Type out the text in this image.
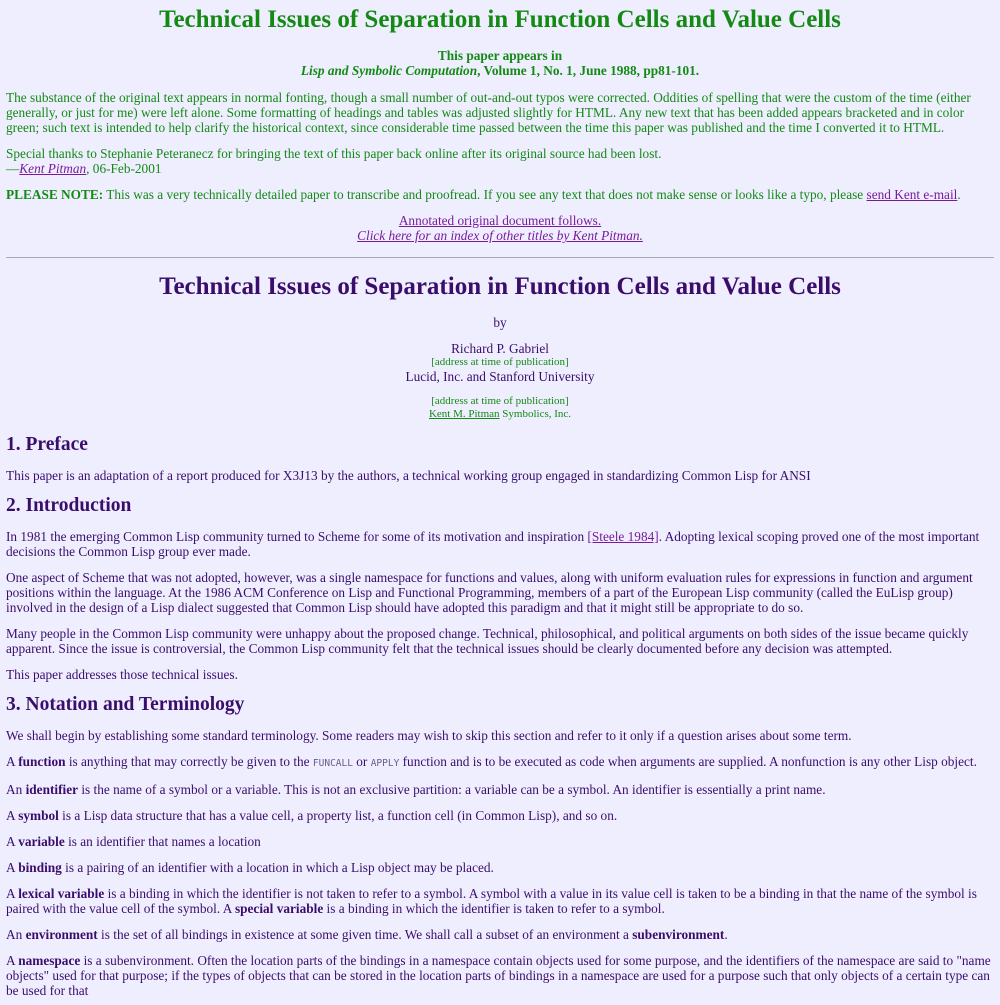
Technical Issues of Separation in Function Cells and Value Cells
This paper appears in
Lisp and Symbolic Computation, Volume 1, No. 1, June 1988, pp81-101.

The substance of the original text appears in normal fonting, though a small number of out-and-out typos were corrected. Oddities of spelling that were the custom of the time (either generally, or just for me) were left alone. Some formatting of headings and tables was adjusted slightly for HTML. Any new text that has been added appears bracketed and in color green; such text is intended to help clarify the historical context, since considerable time passed between the time this paper was published and the time I converted it to HTML.

Special thanks to Stephanie Peteranecz for bringing the text of this paper back online after its original source had been lost.
—Kent Pitman, 06-Feb-2001

PLEASE NOTE: This was a very technically detailed paper to transcribe and proofread. If you see any text that does not make sense or looks like a typo, please send Kent e-mail.

Annotated original document follows.
Click here for an index of other titles by Kent Pitman.
Technical Issues of Separation in Function Cells and Value Cells
by
Richard P. Gabriel
[address at time of publication]
Lucid, Inc. and Stanford University
[address at time of publication]
Kent M. Pitman Symbolics, Inc.
1. Preface

This paper is an adaptation of a report produced for X3J13 by the authors, a technical working group engaged in standardizing Common Lisp for ANSI

2. Introduction

In 1981 the emerging Common Lisp community turned to Scheme for some of its motivation and inspiration [Steele 1984]. Adopting lexical scoping proved one of the most important decisions the Common Lisp group ever made.

One aspect of Scheme that was not adopted, however, was a single namespace for functions and values, along with uniform evaluation rules for expressions in function and argument positions within the language. At the 1986 ACM Conference on Lisp and Functional Programming, members of a part of the European Lisp community (called the EuLisp group) involved in the design of a Lisp dialect suggested that Common Lisp should have adopted this paradigm and that it might still be appropriate to do so.

Many people in the Common Lisp community were unhappy about the proposed change. Technical, philosophical, and political arguments on both sides of the issue became quickly apparent. Since the issue is controversial, the Common Lisp community felt that the technical issues should be clearly documented before any decision was attempted.

This paper addresses those technical issues.

3. Notation and Terminology

We shall begin by establishing some standard terminology. Some readers may wish to skip this section and refer to it only if a question arises about some term.

A function is anything that may correctly be given to the FUNCALL or APPLY function and is to be executed as code when arguments are supplied. A nonfunction is any other Lisp object.

An identifier is the name of a symbol or a variable. This is not an exclusive partition: a variable can be a symbol. An identifier is essentially a print name.

A symbol is a Lisp data structure that has a value cell, a property list, a function cell (in Common Lisp), and so on.

A variable is an identifier that names a location

A binding is a pairing of an identifier with a location in which a Lisp object may be placed.

A lexical variable is a binding in which the identifier is not taken to refer to a symbol. A symbol with a value in its value cell is taken to be a binding in that the name of the symbol is paired with the value cell of the symbol. A special variable is a binding in which the identifier is taken to refer to a symbol.

An environment is the set of all bindings in existence at some given time. We shall call a subset of an environment a subenvironment.

A namespace is a subenvironment. Often the location parts of the bindings in a namespace contain objects used for some purpose, and the identifiers of the namespace are said to "name objects" used for that purpose; if the types of objects that can be stored in the location parts of bindings in a namespace are used for a purpose such that only objects of a certain type can be used for that
